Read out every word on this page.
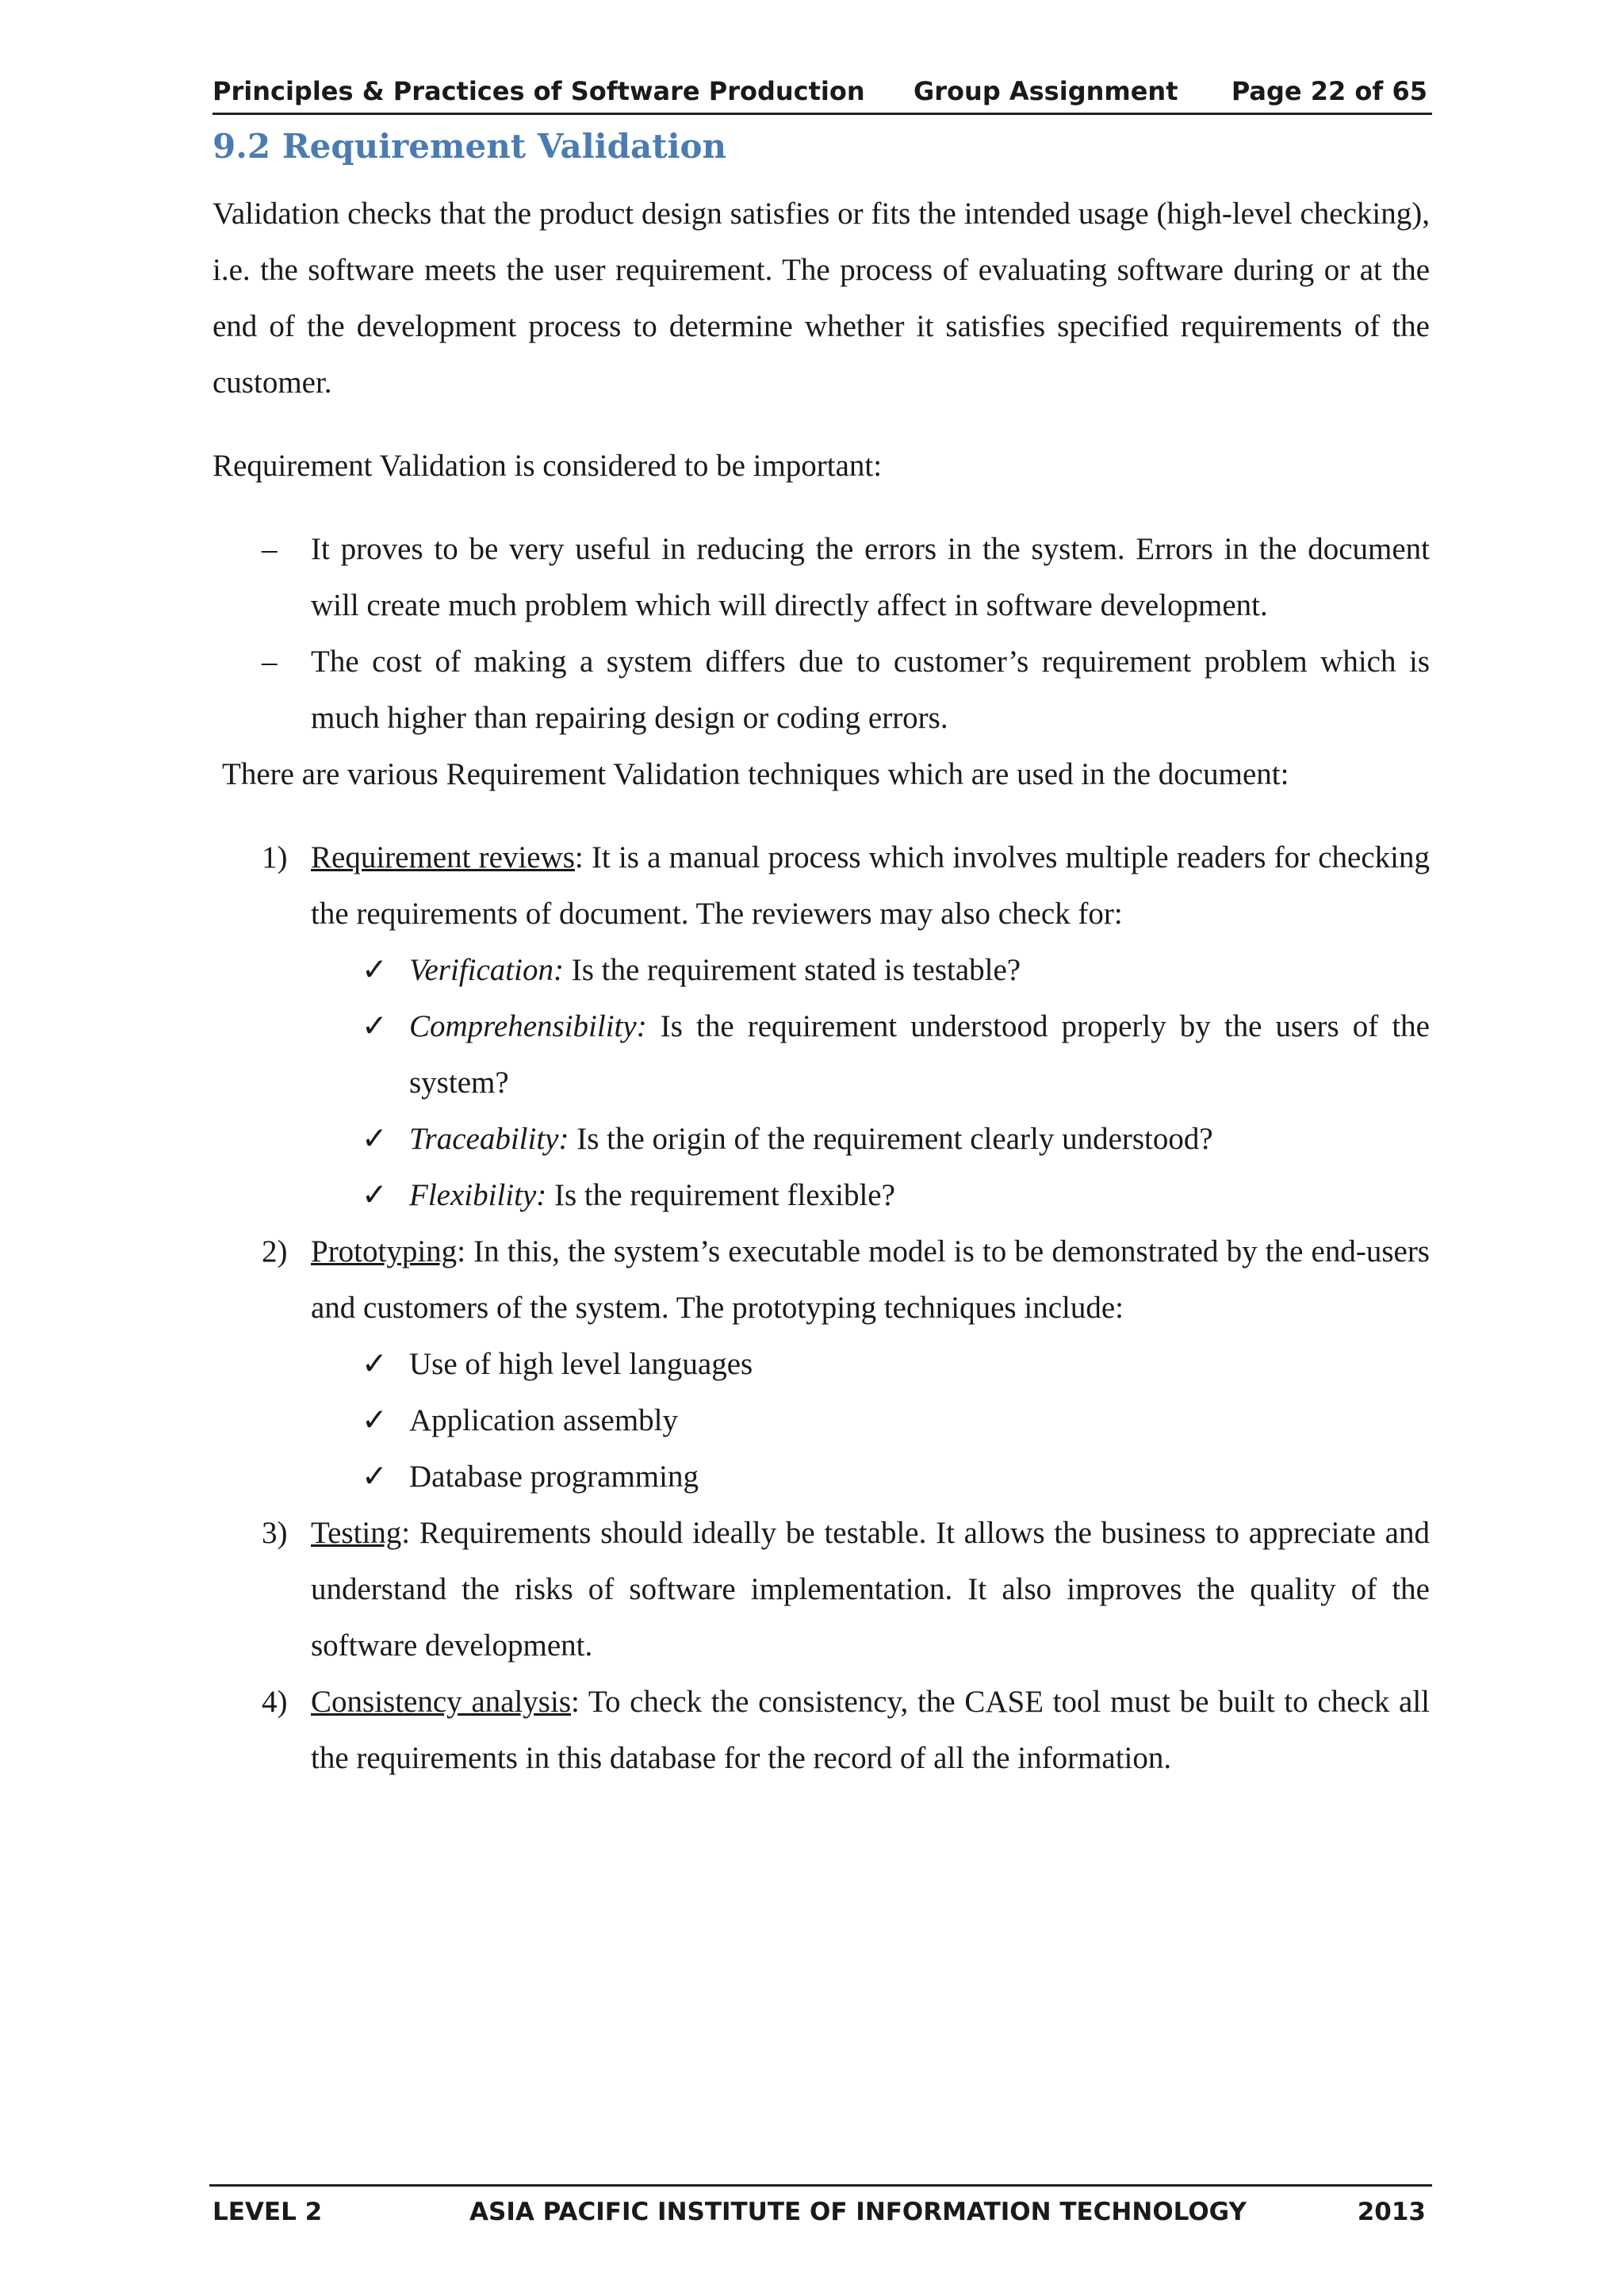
Principles & Practices of Software Production Group Assignment Page 22 of 65
9.2 Requirement Validation

Validation checks that the product design satisfies or fits the intended usage (high-level checking), i.e. the software meets the user requirement. The process of evaluating software during or at the end of the development process to determine whether it satisfies specified requirements of the customer.

Requirement Validation is considered to be important:

– It proves to be very useful in reducing the errors in the system. Errors in the document will create much problem which will directly affect in software development.
– The cost of making a system differs due to customer’s requirement problem which is much higher than repairing design or coding errors.

There are various Requirement Validation techniques which are used in the document:

1) Requirement reviews: It is a manual process which involves multiple readers for checking the requirements of document. The reviewers may also check for:
✓ Verification: Is the requirement stated is testable?
✓ Comprehensibility: Is the requirement understood properly by the users of the system?
✓ Traceability: Is the origin of the requirement clearly understood?
✓ Flexibility: Is the requirement flexible?
2) Prototyping: In this, the system’s executable model is to be demonstrated by the end-users and customers of the system. The prototyping techniques include:
✓ Use of high level languages
✓ Application assembly
✓ Database programming
3) Testing: Requirements should ideally be testable. It allows the business to appreciate and understand the risks of software implementation. It also improves the quality of the software development.
4) Consistency analysis: To check the consistency, the CASE tool must be built to check all the requirements in this database for the record of all the information.
LEVEL 2	ASIA PACIFIC INSTITUTE OF INFORMATION TECHNOLOGY	2013
